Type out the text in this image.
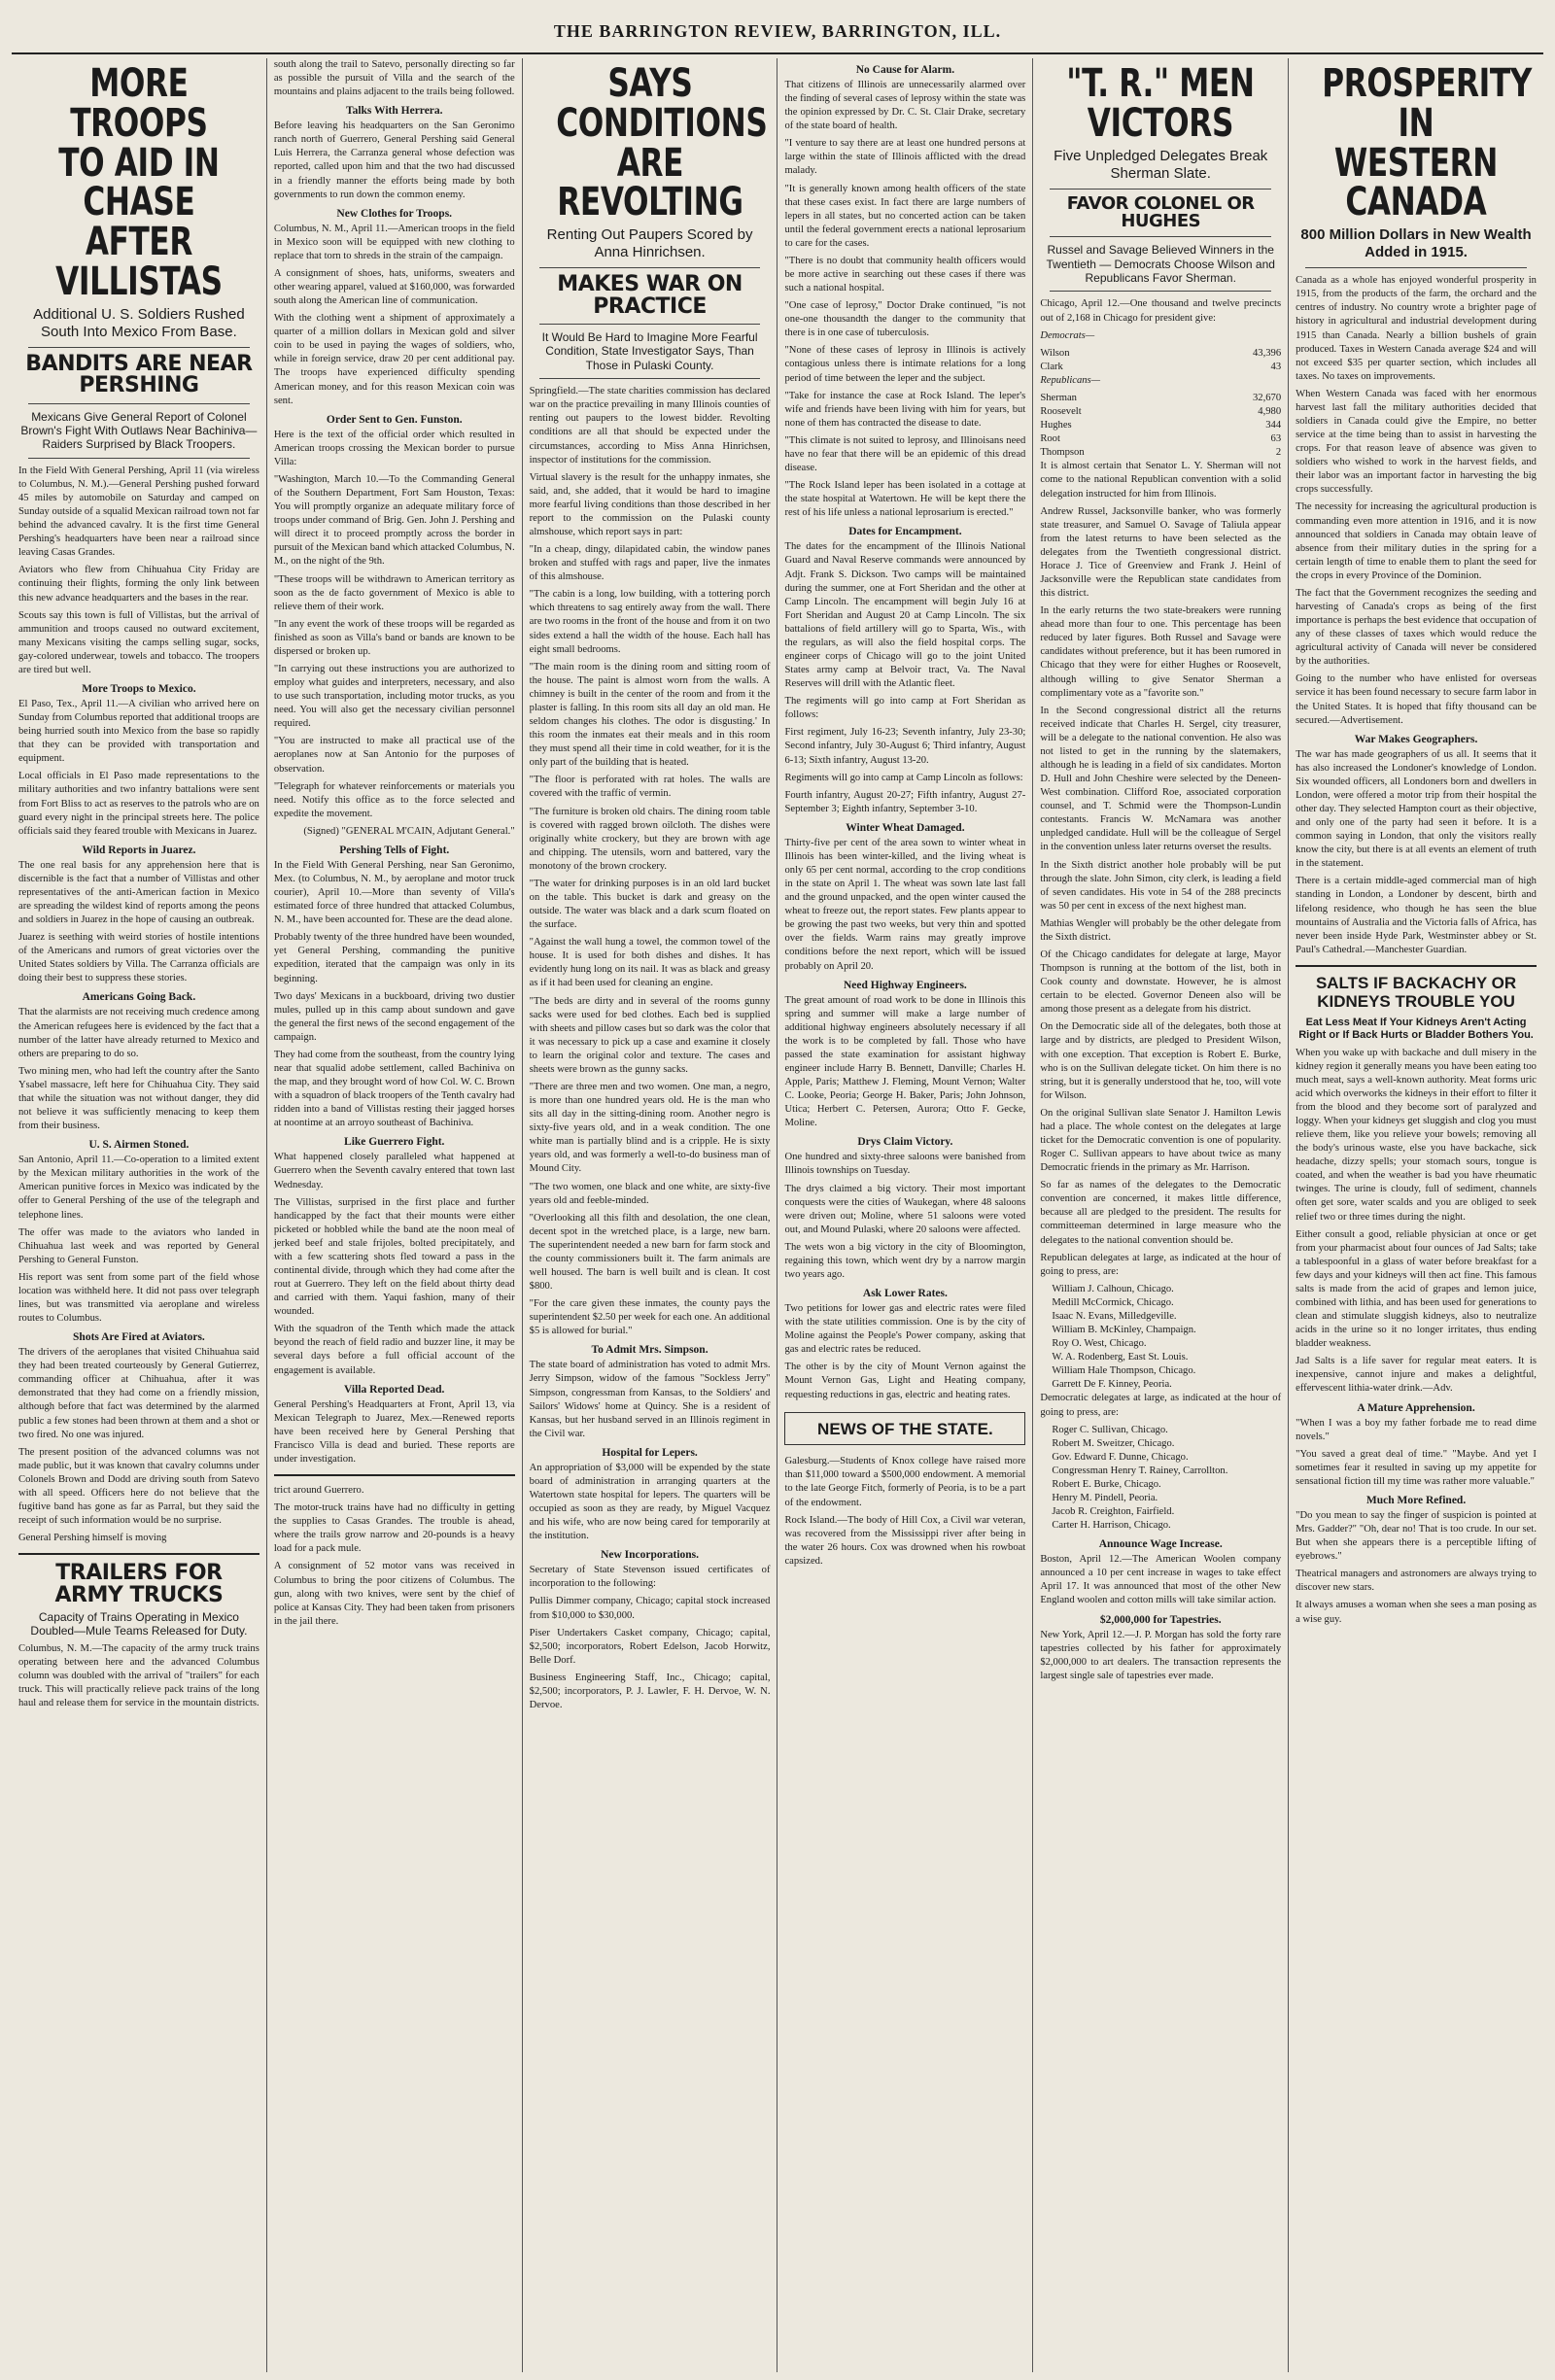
THE BARRINGTON REVIEW, BARRINGTON, ILL.
MORE TROOPS TO AID IN CHASE AFTER VILLISTAS
Additional U. S. Soldiers Rushed South Into Mexico From Base.
BANDITS ARE NEAR PERSHING
Mexicans Give General Report of Colonel Brown's Fight With Outlaws Near Bachiniva—Raiders Surprised by Black Troopers.

In the Field With General Pershing, April 11 (via wireless to Columbus, N. M.).—General Pershing pushed forward 45 miles by automobile on Saturday and camped on Sunday outside of a squalid Mexican railroad town not far behind the advanced cavalry. It is the first time General Pershing's headquarters have been near a railroad since leaving Casas Grandes.

Aviators who flew from Chihuahua City Friday are continuing their flights, forming the only link between this new advance headquarters and the bases in the rear.

Scouts say this town is full of Villistas, but the arrival of ammunition and troops caused no outward excitement, many Mexicans visiting the camps selling sugar, socks, gay-colored underwear, towels and tobacco. The troopers are tired but well.

More Troops to Mexico.

El Paso, Tex., April 11.—A civilian who arrived here on Sunday from Columbus reported that additional troops are being hurried south into Mexico from the base so rapidly that they can be provided with transportation and equipment.

Local officials in El Paso made representations to the military authorities and two infantry battalions were sent from Fort Bliss to act as reserves to the patrols who are on guard every night in the principal streets here. The police officials said they feared trouble with Mexicans in Juarez.

Wild Reports in Juarez.

The one real basis for any apprehension here that is discernible is the fact that a number of Villistas and other representatives of the anti-American faction in Mexico are spreading the wildest kind of reports among the peons and soldiers in Juarez in the hope of causing an outbreak.

Juarez is seething with weird stories of hostile intentions of the Americans and rumors of great victories over the United States soldiers by Villa. The Carranza officials are doing their best to suppress these stories.

Americans Going Back.

That the alarmists are not receiving much credence among the American refugees here is evidenced by the fact that a number of the latter have already returned to Mexico and others are preparing to do so.

Two mining men, who had left the country after the Santo Ysabel massacre, left here for Chihuahua City. They said that while the situation was not without danger, they did not believe it was sufficiently menacing to keep them from their business.

U. S. Airmen Stoned.

San Antonio, April 11.—Co-operation to a limited extent by the Mexican military authorities in the work of the American punitive forces in Mexico was indicated by the offer to General Pershing of the use of the telegraph and telephone lines.

The offer was made to the aviators who landed in Chihuahua last week and was reported by General Pershing to General Funston.

His report was sent from some part of the field whose location was withheld here. It did not pass over telegraph lines, but was transmitted via aeroplane and wireless routes to Columbus.

Shots Are Fired at Aviators.

The drivers of the aeroplanes that visited Chihuahua said they had been treated courteously by General Gutierrez, commanding officer at Chihuahua, after it was demonstrated that they had come on a friendly mission, although before that fact was determined by the alarmed public a few stones had been thrown at them and a shot or two fired. No one was injured.

The present position of the advanced columns was not made public, but it was known that cavalry columns under Colonels Brown and Dodd are driving south from Satevo with all speed. Officers here do not believe that the fugitive band has gone as far as Parral, but they said the receipt of such information would be no surprise.

General Pershing himself is moving

TRAILERS FOR ARMY TRUCKS
Capacity of Trains Operating in Mexico Doubled—Mule Teams Released for Duty.

Columbus, N. M.—The capacity of the army truck trains operating between here and the advanced Columbus column was doubled with the arrival of "trailers" for each truck. This will practically relieve pack trains of the long haul and release them for service in the mountain districts.

south along the trail to Satevo, personally directing so far as possible the pursuit of Villa and the search of the mountains and plains adjacent to the trails being followed.

Talks With Herrera.

Before leaving his headquarters on the San Geronimo ranch north of Guerrero, General Pershing said General Luis Herrera, the Carranza general whose defection was reported, called upon him and that the two had discussed in a friendly manner the efforts being made by both governments to run down the common enemy.

New Clothes for Troops.

Columbus, N. M., April 11.—American troops in the field in Mexico soon will be equipped with new clothing to replace that torn to shreds in the strain of the campaign.

A consignment of shoes, hats, uniforms, sweaters and other wearing apparel, valued at $160,000, was forwarded south along the American line of communication.

With the clothing went a shipment of approximately a quarter of a million dollars in Mexican gold and silver coin to be used in paying the wages of soldiers, who, while in foreign service, draw 20 per cent additional pay. The troops have experienced difficulty spending American money, and for this reason Mexican coin was sent.

Order Sent to Gen. Funston.

Here is the text of the official order which resulted in American troops crossing the Mexican border to pursue Villa:

"Washington, March 10.—To the Commanding General of the Southern Department, Fort Sam Houston, Texas: You will promptly organize an adequate military force of troops under command of Brig. Gen. John J. Pershing and will direct it to proceed promptly across the border in pursuit of the Mexican band which attacked Columbus, N. M., on the night of the 9th.

"These troops will be withdrawn to American territory as soon as the de facto government of Mexico is able to relieve them of their work.

"In any event the work of these troops will be regarded as finished as soon as Villa's band or bands are known to be dispersed or broken up.

"In carrying out these instructions you are authorized to employ what guides and interpreters, necessary, and also to use such transportation, including motor trucks, as you need. You will also get the necessary civilian personnel required.

"You are instructed to make all practical use of the aeroplanes now at San Antonio for the purposes of observation.

"Telegraph for whatever reinforcements or materials you need. Notify this office as to the force selected and expedite the movement.

(Signed) "GENERAL M'CAIN, Adjutant General."

Pershing Tells of Fight.

In the Field With General Pershing, near San Geronimo, Mex. (to Columbus, N. M., by aeroplane and motor truck courier), April 10.—More than seventy of Villa's estimated force of three hundred that attacked Columbus, N. M., have been accounted for. These are the dead alone.

Probably twenty of the three hundred have been wounded, yet General Pershing, commanding the punitive expedition, iterated that the campaign was only in its beginning.

Two days' Mexicans in a buckboard, driving two dustier mules, pulled up in this camp about sundown and gave the general the first news of the second engagement of the campaign.

They had come from the southeast, from the country lying near that squalid adobe settlement, called Bachiniva on the map, and they brought word of how Col. W. C. Brown with a squadron of black troopers of the Tenth cavalry had ridden into a band of Villistas resting their jagged horses at noontime at an arroyo southeast of Bachiniva.

Like Guerrero Fight.

What happened closely paralleled what happened at Guerrero when the Seventh cavalry entered that town last Wednesday.

The Villistas, surprised in the first place and further handicapped by the fact that their mounts were either picketed or hobbled while the band ate the noon meal of jerked beef and stale frijoles, bolted precipitately, and with a few scattering shots fled toward a pass in the continental divide, through which they had come after the rout at Guerrero. They left on the field about thirty dead and carried with them. Yaqui fashion, many of their wounded.

With the squadron of the Tenth which made the attack beyond the reach of field radio and buzzer line, it may be several days before a full official account of the engagement is available.

Villa Reported Dead.

General Pershing's Headquarters at Front, April 13, via Mexican Telegraph to Juarez, Mex.—Renewed reports have been received here by General Pershing that Francisco Villa is dead and buried. These reports are under investigation.

trict around Guerrero.

The motor-truck trains have had no difficulty in getting the supplies to Casas Grandes. The trouble is ahead, where the trails grow narrow and 20-pounds is a heavy load for a pack mule.

A consignment of 52 motor vans was received in Columbus to bring the poor citizens of Columbus. The gun, along with two knives, were sent by the chief of police at Kansas City. They had been taken from prisoners in the jail there.

SAYS CONDITIONS ARE REVOLTING
Renting Out Paupers Scored by Anna Hinrichsen.
MAKES WAR ON PRACTICE
It Would Be Hard to Imagine More Fearful Condition, State Investigator Says, Than Those in Pulaski County.

Springfield.—The state charities commission has declared war on the practice prevailing in many Illinois counties of renting out paupers to the lowest bidder. Revolting conditions are all that should be expected under the circumstances, according to Miss Anna Hinrichsen, inspector of institutions for the commission.

Virtual slavery is the result for the unhappy inmates, she said, and, she added, that it would be hard to imagine more fearful living conditions than those described in her report to the commission on the Pulaski county almshouse, which report says in part:

"In a cheap, dingy, dilapidated cabin, the window panes broken and stuffed with rags and paper, live the inmates of this almshouse.

"The cabin is a long, low building, with a tottering porch which threatens to sag entirely away from the wall. There are two rooms in the front of the house and from it on two sides extend a hall the width of the house. Each hall has eight small bedrooms.

"The main room is the dining room and sitting room of the house. The paint is almost worn from the walls. A chimney is built in the center of the room and from it the plaster is falling. In this room sits all day an old man. He seldom changes his clothes. The odor is disgusting.' In this room the inmates eat their meals and in this room they must spend all their time in cold weather, for it is the only part of the building that is heated.

"The floor is perforated with rat holes. The walls are covered with the traffic of vermin.

"The furniture is broken old chairs. The dining room table is covered with ragged brown oilcloth. The dishes were originally white crockery, but they are brown with age and chipping. The utensils, worn and battered, vary the monotony of the brown crockery.

"The water for drinking purposes is in an old lard bucket on the table. This bucket is dark and greasy on the outside. The water was black and a dark scum floated on the surface.

"Against the wall hung a towel, the common towel of the house. It is used for both dishes and dishes. It has evidently hung long on its nail. It was as black and greasy as if it had been used for cleaning an engine.

"The beds are dirty and in several of the rooms gunny sacks were used for bed clothes. Each bed is supplied with sheets and pillow cases but so dark was the color that it was necessary to pick up a case and examine it closely to learn the original color and texture. The cases and sheets were brown as the gunny sacks.

"There are three men and two women. One man, a negro, is more than one hundred years old. He is the man who sits all day in the sitting-dining room. Another negro is sixty-five years old, and in a weak condition. The one white man is partially blind and is a cripple. He is sixty years old, and was formerly a well-to-do business man of Mound City.

"The two women, one black and one white, are sixty-five years old and feeble-minded.

"Overlooking all this filth and desolation, the one clean, decent spot in the wretched place, is a large, new barn. The superintendent needed a new barn for farm stock and the county commissioners built it. The farm animals are well housed. The barn is well built and is clean. It cost $800.

"For the care given these inmates, the county pays the superintendent $2.50 per week for each one. An additional $5 is allowed for burial."

To Admit Mrs. Simpson.

The state board of administration has voted to admit Mrs. Jerry Simpson, widow of the famous "Sockless Jerry" Simpson, congressman from Kansas, to the Soldiers' and Sailors' Widows' home at Quincy. She is a resident of Kansas, but her husband served in an Illinois regiment in the Civil war.

Hospital for Lepers.

An appropriation of $3,000 will be expended by the state board of administration in arranging quarters at the Watertown state hospital for lepers. The quarters will be occupied as soon as they are ready, by Miguel Vacquez and his wife, who are now being cared for temporarily at the institution.

New Incorporations.

Secretary of State Stevenson issued certificates of incorporation to the following:

Pullis Dimmer company, Chicago; capital stock increased from $10,000 to $30,000.

Piser Undertakers Casket company, Chicago; capital, $2,500; incorporators, Robert Edelson, Jacob Horwitz, Belle Dorf.

Business Engineering Staff, Inc., Chicago; capital, $2,500; incorporators, P. J. Lawler, F. H. Dervoe, W. N. Dervoe.

No Cause for Alarm.

That citizens of Illinois are unnecessarily alarmed over the finding of several cases of leprosy within the state was the opinion expressed by Dr. C. St. Clair Drake, secretary of the state board of health.

"I venture to say there are at least one hundred persons at large within the state of Illinois afflicted with the dread malady.

"It is generally known among health officers of the state that these cases exist. In fact there are large numbers of lepers in all states, but no concerted action can be taken until the federal government erects a national leprosarium to care for the cases.

"There is no doubt that community health officers would be more active in searching out these cases if there was such a national hospital.

"One case of leprosy," Doctor Drake continued, "is not one-one thousandth the danger to the community that there is in one case of tuberculosis.

"None of these cases of leprosy in Illinois is actively contagious unless there is intimate relations for a long period of time between the leper and the subject.

"Take for instance the case at Rock Island. The leper's wife and friends have been living with him for years, but none of them has contracted the disease to date.

"This climate is not suited to leprosy, and Illinoisans need have no fear that there will be an epidemic of this dread disease.

"The Rock Island leper has been isolated in a cottage at the state hospital at Watertown. He will be kept there the rest of his life unless a national leprosarium is erected."

Dates for Encampment.

The dates for the encampment of the Illinois National Guard and Naval Reserve commands were announced by Adjt. Frank S. Dickson. Two camps will be maintained during the summer, one at Fort Sheridan and the other at Camp Lincoln. The encampment will begin July 16 at Fort Sheridan and August 20 at Camp Lincoln. The six battalions of field artillery will go to Sparta, Wis., with the regulars, as will also the field hospital corps. The engineer corps of Chicago will go to the joint United States army camp at Belvoir tract, Va. The Naval Reserves will drill with the Atlantic fleet.

The regiments will go into camp at Fort Sheridan as follows:

First regiment, July 16-23; Seventh infantry, July 23-30; Second infantry, July 30-August 6; Third infantry, August 6-13; Sixth infantry, August 13-20.

Regiments will go into camp at Camp Lincoln as follows:

Fourth infantry, August 20-27; Fifth infantry, August 27-September 3; Eighth infantry, September 3-10.

Winter Wheat Damaged.

Thirty-five per cent of the area sown to winter wheat in Illinois has been winter-killed, and the living wheat is only 65 per cent normal, according to the crop conditions in the state on April 1. The wheat was sown late last fall and the ground unpacked, and the open winter caused the wheat to freeze out, the report states. Few plants appear to be growing the past two weeks, but very thin and spotted over the fields. Warm rains may greatly improve conditions before the next report, which will be issued probably on April 20.

Need Highway Engineers.

The great amount of road work to be done in Illinois this spring and summer will make a large number of additional highway engineers absolutely necessary if all the work is to be completed by fall. Those who have passed the state examination for assistant highway engineer include Harry B. Bennett, Danville; Charles H. Apple, Paris; Matthew J. Fleming, Mount Vernon; Walter C. Looke, Peoria; George H. Baker, Paris; John Johnson, Utica; Herbert C. Petersen, Aurora; Otto F. Gecke, Moline.

Drys Claim Victory.

One hundred and sixty-three saloons were banished from Illinois townships on Tuesday.

The drys claimed a big victory. Their most important conquests were the cities of Waukegan, where 48 saloons were driven out; Moline, where 51 saloons were voted out, and Mound Pulaski, where 20 saloons were affected.

The wets won a big victory in the city of Bloomington, regaining this town, which went dry by a narrow margin two years ago.

Ask Lower Rates.

Two petitions for lower gas and electric rates were filed with the state utilities commission. One is by the city of Moline against the People's Power company, asking that gas and electric rates be reduced.

The other is by the city of Mount Vernon against the Mount Vernon Gas, Light and Heating company, requesting reductions in gas, electric and heating rates.

NEWS OF THE STATE.

Galesburg.—Students of Knox college have raised more than $11,000 toward a $500,000 endowment. A memorial to the late George Fitch, formerly of Peoria, is to be a part of the endowment.

Rock Island.—The body of Hill Cox, a Civil war veteran, was recovered from the Mississippi river after being in the water 26 hours. Cox was drowned when his rowboat capsized.

"T. R." MEN VICTORS
Five Unpledged Delegates Break Sherman Slate.
FAVOR COLONEL OR HUGHES
Russel and Savage Believed Winners in the Twentieth — Democrats Choose Wilson and Republicans Favor Sherman.

Chicago, April 12.—One thousand and twelve precincts out of 2,168 in Chicago for president give:

Democrats—
Wilson	43,396
Clark	43
Republicans—
Sherman	32,670
Roosevelt	4,980
Hughes	344
Root	63
Thompson	2

It is almost certain that Senator L. Y. Sherman will not come to the national Republican convention with a solid delegation instructed for him from Illinois.

Andrew Russel, Jacksonville banker, who was formerly state treasurer, and Samuel O. Savage of Taliula appear from the latest returns to have been selected as the delegates from the Twentieth congressional district. Horace J. Tice of Greenview and Frank J. Heinl of Jacksonville were the Republican state candidates from this district.

In the early returns the two state-breakers were running ahead more than four to one. This percentage has been reduced by later figures. Both Russel and Savage were candidates without preference, but it has been rumored in Chicago that they were for either Hughes or Roosevelt, although willing to give Senator Sherman a complimentary vote as a "favorite son."

In the Second congressional district all the returns received indicate that Charles H. Sergel, city treasurer, will be a delegate to the national convention. He also was not listed to get in the running by the slatemakers, although he is leading in a field of six candidates. Morton D. Hull and John Cheshire were selected by the Deneen-West combination. Clifford Roe, associated corporation counsel, and T. Schmid were the Thompson-Lundin contestants. Francis W. McNamara was another unpledged candidate. Hull will be the colleague of Sergel in the convention unless later returns overset the results.

In the Sixth district another hole probably will be put through the slate. John Simon, city clerk, is leading a field of seven candidates. His vote in 54 of the 288 precincts was 50 per cent in excess of the next highest man.

Mathias Wengler will probably be the other delegate from the Sixth district.

Of the Chicago candidates for delegate at large, Mayor Thompson is running at the bottom of the list, both in Cook county and downstate. However, he is almost certain to be elected. Governor Deneen also will be among those present as a delegate from his district.

On the Democratic side all of the delegates, both those at large and by districts, are pledged to President Wilson, with one exception. That exception is Robert E. Burke, who is on the Sullivan delegate ticket. On him there is no string, but it is generally understood that he, too, will vote for Wilson.

On the original Sullivan slate Senator J. Hamilton Lewis had a place. The whole contest on the delegates at large ticket for the Democratic convention is one of popularity. Roger C. Sullivan appears to have about twice as many Democratic friends in the primary as Mr. Harrison.

So far as names of the delegates to the Democratic convention are concerned, it makes little difference, because all are pledged to the president. The results for committeeman determined in large measure who the delegates to the national convention should be.

Republican delegates at large, as indicated at the hour of going to press, are:

William J. Calhoun, Chicago.
Medill McCormick, Chicago.
Isaac N. Evans, Milledgeville.
William B. McKinley, Champaign.
Roy O. West, Chicago.
W. A. Rodenberg, East St. Louis.
William Hale Thompson, Chicago.
Garrett De F. Kinney, Peoria.

Democratic delegates at large, as indicated at the hour of going to press, are:

Roger C. Sullivan, Chicago.
Robert M. Sweitzer, Chicago.
Gov. Edward F. Dunne, Chicago.
Congressman Henry T. Rainey, Carrollton.
Robert E. Burke, Chicago.
Henry M. Pindell, Peoria.
Jacob R. Creighton, Fairfield.
Carter H. Harrison, Chicago.
Announce Wage Increase.

Boston, April 12.—The American Woolen company announced a 10 per cent increase in wages to take effect April 17. It was announced that most of the other New England woolen and cotton mills will take similar action.

$2,000,000 for Tapestries.

New York, April 12.—J. P. Morgan has sold the forty rare tapestries collected by his father for approximately $2,000,000 to art dealers. The transaction represents the largest single sale of tapestries ever made.

PROSPERITY IN WESTERN CANADA
800 Million Dollars in New Wealth Added in 1915.

Canada as a whole has enjoyed wonderful prosperity in 1915, from the products of the farm, the orchard and the centres of industry. No country wrote a brighter page of history in agricultural and industrial development during 1915 than Canada. Nearly a billion bushels of grain produced. Taxes in Western Canada average $24 and will not exceed $35 per quarter section, which includes all taxes. No taxes on improvements.

When Western Canada was faced with her enormous harvest last fall the military authorities decided that soldiers in Canada could give the Empire, no better service at the time being than to assist in harvesting the crops. For that reason leave of absence was given to soldiers who wished to work in the harvest fields, and their labor was an important factor in harvesting the big crops successfully.

The necessity for increasing the agricultural production is commanding even more attention in 1916, and it is now announced that soldiers in Canada may obtain leave of absence from their military duties in the spring for a certain length of time to enable them to plant the seed for the crops in every Province of the Dominion.

The fact that the Government recognizes the seeding and harvesting of Canada's crops as being of the first importance is perhaps the best evidence that occupation of any of these classes of taxes which would reduce the agricultural activity of Canada will never be considered by the authorities.

Going to the number who have enlisted for overseas service it has been found necessary to secure farm labor in the United States. It is hoped that fifty thousand can be secured.—Advertisement.

War Makes Geographers.

The war has made geographers of us all. It seems that it has also increased the Londoner's knowledge of London. Six wounded officers, all Londoners born and dwellers in London, were offered a motor trip from their hospital the other day. They selected Hampton court as their objective, and only one of the party had seen it before. It is a common saying in London, that only the visitors really know the city, but there is at all events an element of truth in the statement.

There is a certain middle-aged commercial man of high standing in London, a Londoner by descent, birth and lifelong residence, who though he has seen the blue mountains of Australia and the Victoria falls of Africa, has never been inside Hyde Park, Westminster abbey or St. Paul's Cathedral.—Manchester Guardian.

SALTS IF BACKACHY OR KIDNEYS TROUBLE YOU
Eat Less Meat If Your Kidneys Aren't Acting Right or If Back Hurts or Bladder Bothers You.

When you wake up with backache and dull misery in the kidney region it generally means you have been eating too much meat, says a well-known authority. Meat forms uric acid which overworks the kidneys in their effort to filter it from the blood and they become sort of paralyzed and loggy. When your kidneys get sluggish and clog you must relieve them, like you relieve your bowels; removing all the body's urinous waste, else you have backache, sick headache, dizzy spells; your stomach sours, tongue is coated, and when the weather is bad you have rheumatic twinges. The urine is cloudy, full of sediment, channels often get sore, water scalds and you are obliged to seek relief two or three times during the night.

Either consult a good, reliable physician at once or get from your pharmacist about four ounces of Jad Salts; take a tablespoonful in a glass of water before breakfast for a few days and your kidneys will then act fine. This famous salts is made from the acid of grapes and lemon juice, combined with lithia, and has been used for generations to clean and stimulate sluggish kidneys, also to neutralize acids in the urine so it no longer irritates, thus ending bladder weakness.

Jad Salts is a life saver for regular meat eaters. It is inexpensive, cannot injure and makes a delightful, effervescent lithia-water drink.—Adv.

A Mature Apprehension.

"When I was a boy my father forbade me to read dime novels."

"You saved a great deal of time." "Maybe. And yet I sometimes fear it resulted in saving up my appetite for sensational fiction till my time was rather more valuable."

Much More Refined.

"Do you mean to say the finger of suspicion is pointed at Mrs. Gadder?" "Oh, dear no! That is too crude. In our set. But when she appears there is a perceptible lifting of eyebrows."

Theatrical managers and astronomers are always trying to discover new stars.

It always amuses a woman when she sees a man posing as a wise guy.
